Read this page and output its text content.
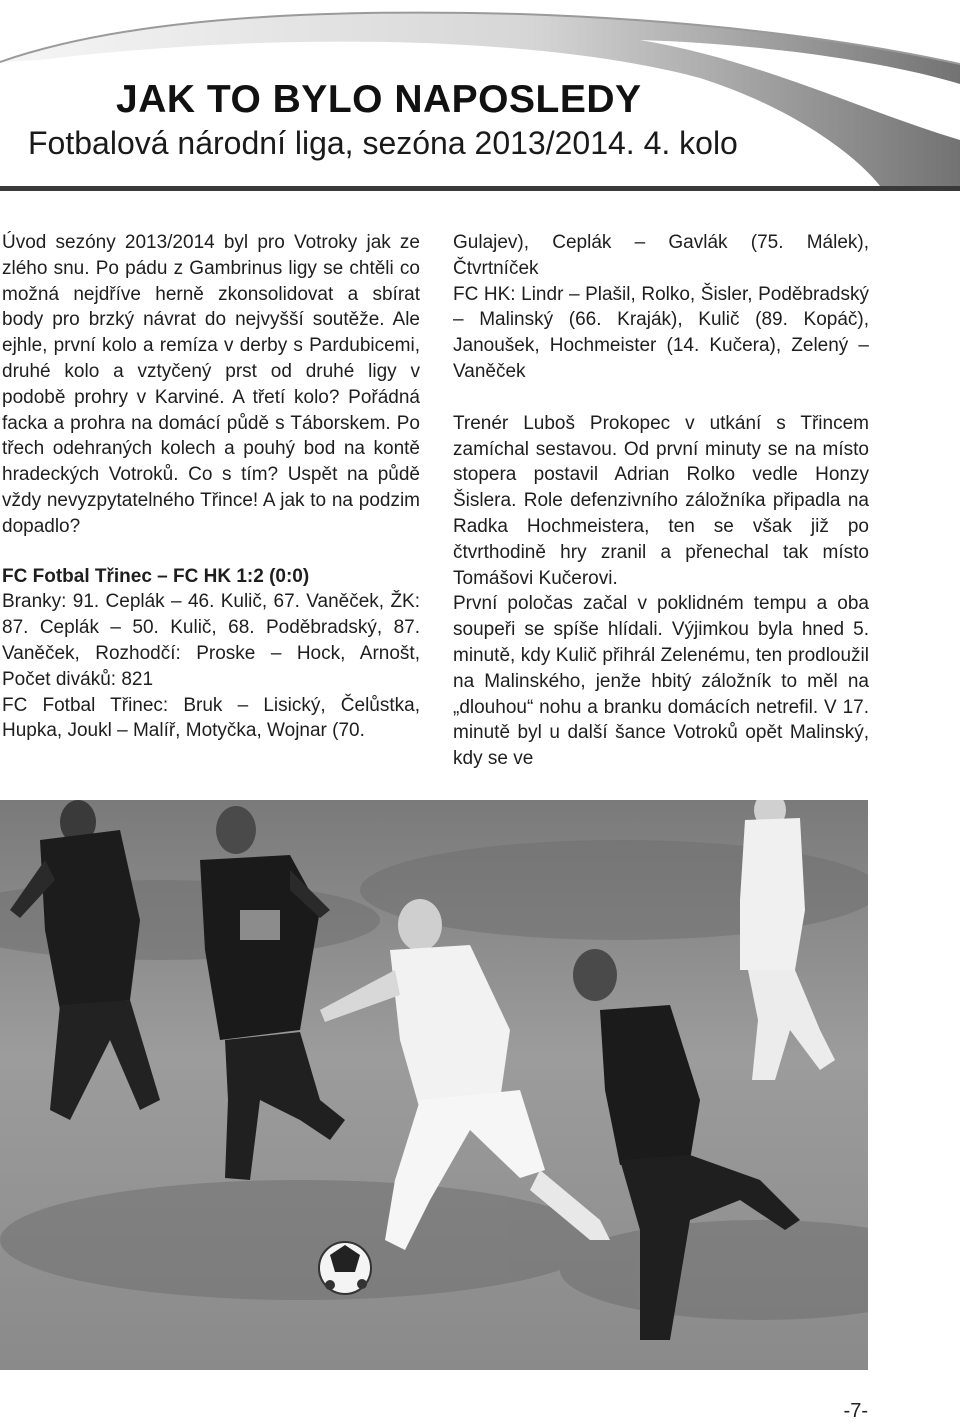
JAK TO BYLO NAPOSLEDY
Fotbalová národní liga, sezóna 2013/2014. 4. kolo

Úvod sezóny 2013/2014 byl pro Votroky jak ze zlého snu. Po pádu z Gambrinus ligy se chtěli co možná nejdříve herně zkonsolidovat a sbírat body pro brzký návrat do nejvyšší soutěže. Ale ejhle, první kolo a remíza v derby s Pardubicemi, druhé kolo a vztyčený prst od druhé ligy v podobě prohry v Karviné. A třetí kolo? Pořádná facka a prohra na domácí půdě s Táborskem. Po třech odehraných kolech a pouhý bod na kontě hradeckých Votroků. Co s tím? Uspět na půdě vždy nevyzpytatelného Třince! A jak to na podzim dopadlo?

FC Fotbal Třinec – FC HK 1:2 (0:0)

Branky: 91. Ceplák – 46. Kulič, 67. Vaněček, ŽK: 87. Ceplák – 50. Kulič, 68. Poděbradský, 87. Vaněček, Rozhodčí: Proske – Hock, Arnošt, Počet diváků: 821

FC Fotbal Třinec: Bruk – Lisický, Čelůstka, Hupka, Joukl – Malíř, Motyčka, Wojnar (70.

Gulajev), Ceplák – Gavlák (75. Málek), Čtvrtníček

FC HK: Lindr – Plašil, Rolko, Šisler, Poděbradský – Malinský (66. Kraják), Kulič (89. Kopáč), Janoušek, Hochmeister (14. Kučera), Zelený – Vaněček

Trenér Luboš Prokopec v utkání s Třincem zamíchal sestavou. Od první minuty se na místo stopera postavil Adrian Rolko vedle Honzy Šislera. Role defenzivního záložníka připadla na Radka Hochmeistera, ten se však již po čtvrthodině hry zranil a přenechal tak místo Tomášovi Kučerovi.

První poločas začal v poklidném tempu a oba soupeři se spíše hlídali. Výjimkou byla hned 5. minutě, kdy Kulič přihrál Zelenému, ten prodloužil na Malinského, jenže hbitý záložník to měl na „dlouhou“ nohu a branku domácích netrefil. V 17. minutě byl u další šance Votroků opět Malinský, kdy se ve

-7-
